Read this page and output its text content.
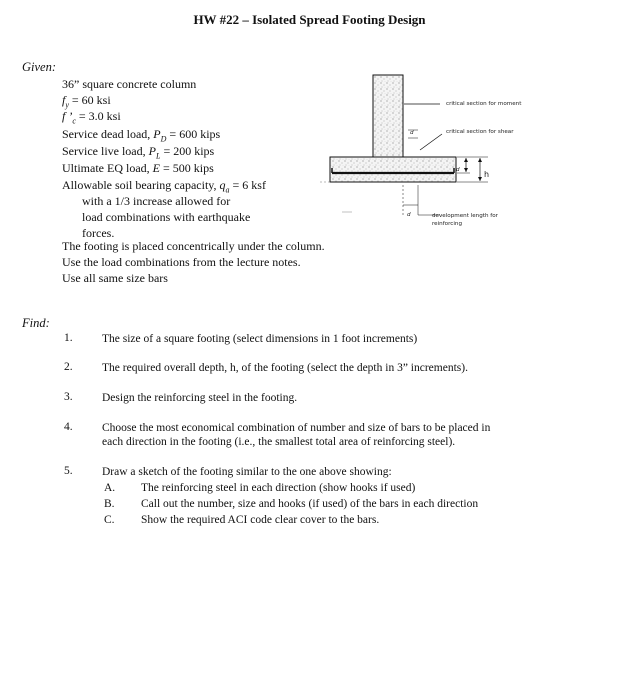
HW #22 – Isolated Spread Footing Design
Given:
36” square concrete column
$f_y = 60$ ksi
f $’_c = 3.0$ ksi
Service dead load, $P_D = 600$ kips
Service live load, $P_L = 200$ kips
Ultimate EQ load, E = 500 kips
Allowable soil bearing capacity, $q_a = 6$ ksf
with a 1/3 increase allowed for
load combinations with earthquake
forces.
The footing is placed concentrically under the column.
Use the load combinations from the lecture notes.
Use all same size bars
critical section for moment
critical section for shear
d
d	h
d	development length for
reinforcing
Find:
1.	The size of a square footing (select dimensions in 1 foot increments)
2.	The required overall depth, h, of the footing (select the depth in 3” increments).
3.	Design the reinforcing steel in the footing.
4.	Choose the most economical combination of number and size of bars to be placed in
each direction in the footing (i.e., the smallest total area of reinforcing steel).
5.	Draw a sketch of the footing similar to the one above showing:
A. The reinforcing steel in each direction (show hooks if used)
B. Call out the number, size and hooks (if used) of the bars in each direction
C. Show the required ACI code clear cover to the bars.
